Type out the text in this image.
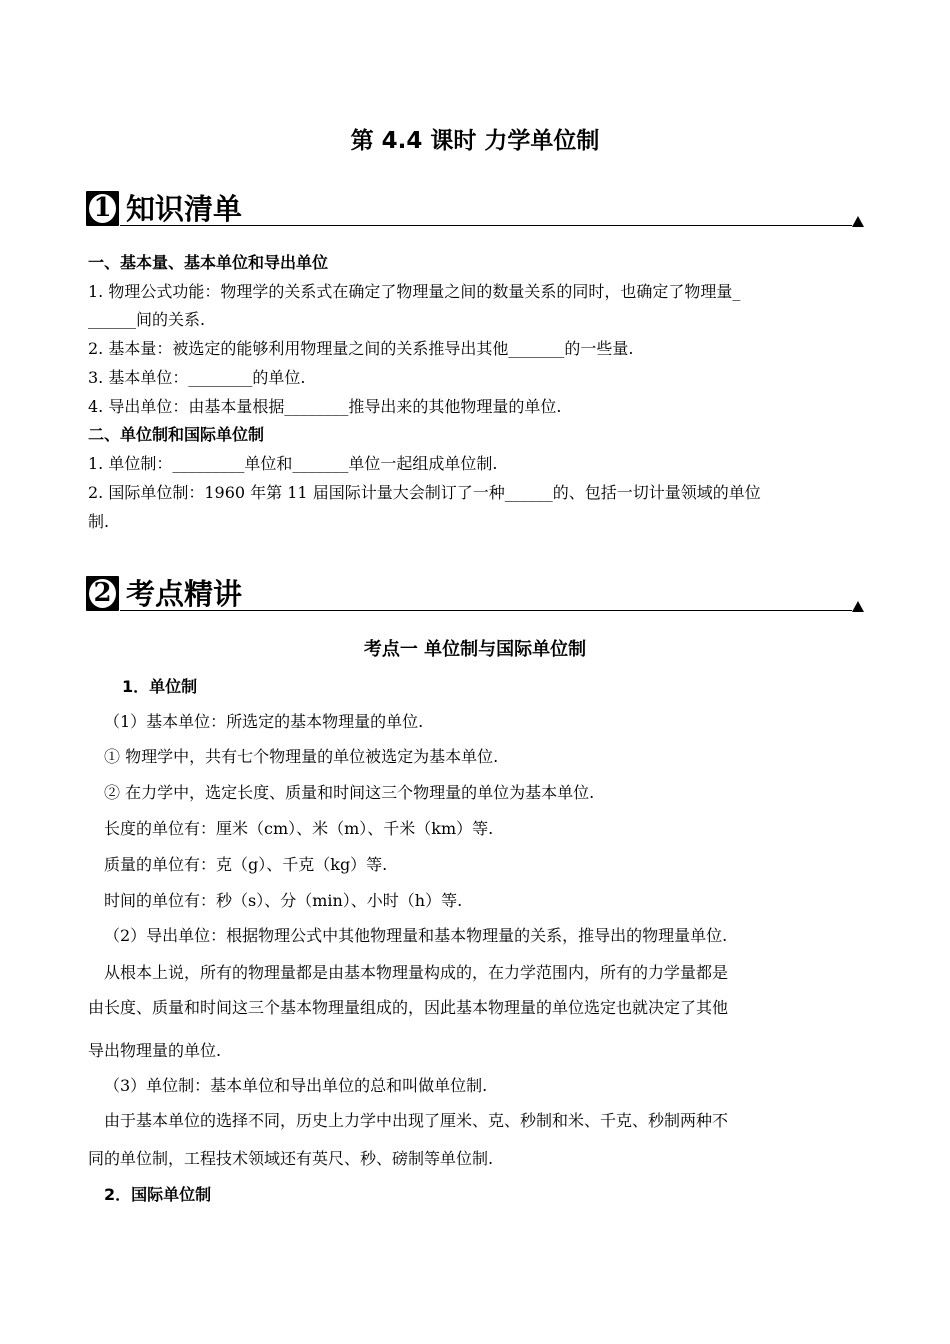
第 4.4 课时 力学单位制
1 知识清单
一、基本量、基本单位和导出单位
1. 物理公式功能：物理学的关系式在确定了物理量之间的数量关系的同时，也确定了物理量_
______间的关系.
2. 基本量：被选定的能够利用物理量之间的关系推导出其他_______的一些量.
3. 基本单位：________的单位.
4. 导出单位：由基本量根据________推导出来的其他物理量的单位.
二、单位制和国际单位制
1. 单位制：_________单位和_______单位一起组成单位制.
2. 国际单位制：1960 年第 11 届国际计量大会制订了一种______的、包括一切计量领域的单位
制.
2 考点精讲
考点一 单位制与国际单位制
1．单位制
（1）基本单位：所选定的基本物理量的单位.
① 物理学中，共有七个物理量的单位被选定为基本单位.
② 在力学中，选定长度、质量和时间这三个物理量的单位为基本单位.
长度的单位有：厘米（cm）、米（m）、千米（km）等.
质量的单位有：克（g）、千克（kg）等.
时间的单位有：秒（s）、分（min）、小时（h）等.
（2）导出单位：根据物理公式中其他物理量和基本物理量的关系，推导出的物理量单位.
从根本上说，所有的物理量都是由基本物理量构成的，在力学范围内，所有的力学量都是
由长度、质量和时间这三个基本物理量组成的，因此基本物理量的单位选定也就决定了其他
导出物理量的单位.
（3）单位制：基本单位和导出单位的总和叫做单位制.
由于基本单位的选择不同，历史上力学中出现了厘米、克、秒制和米、千克、秒制两种不
同的单位制，工程技术领域还有英尺、秒、磅制等单位制.
2．国际单位制
